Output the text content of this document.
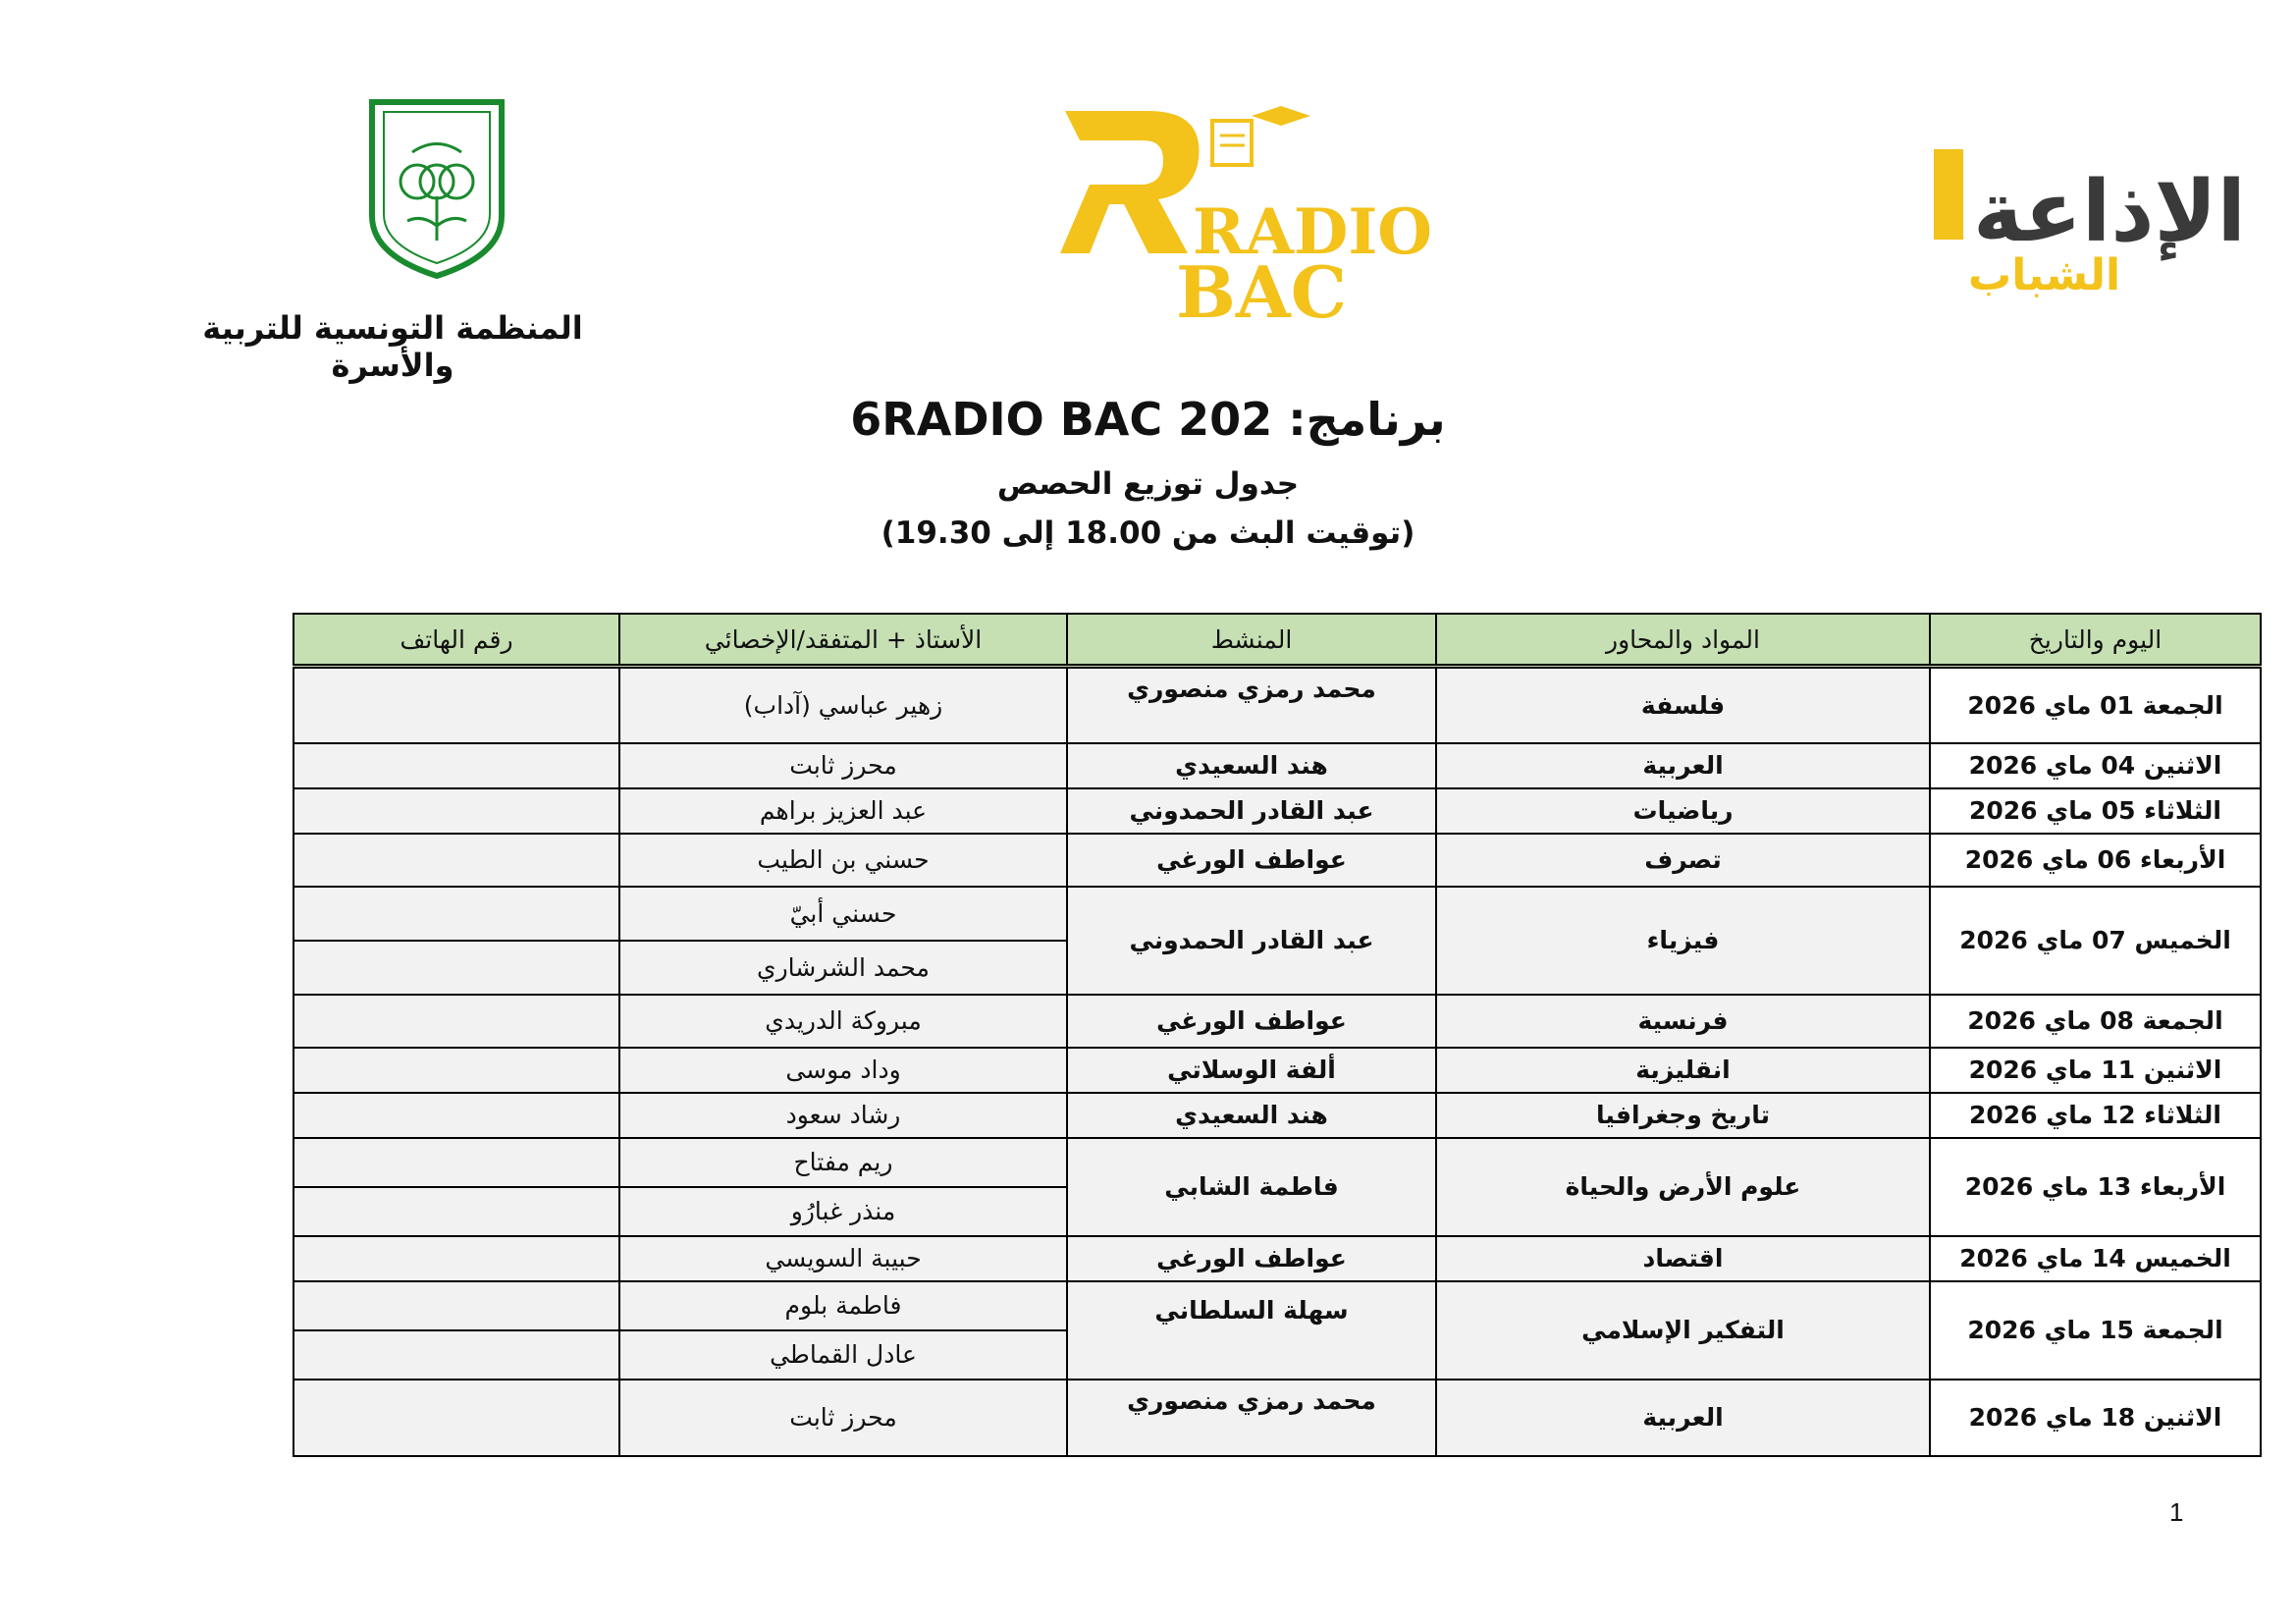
RADIO
BAC
الإذاعة
الشباب
المنظمة التونسية للتربية والأسرة
برنامج: 6RADIO BAC 202
جدول توزيع الحصص
(توقيت البث من 18.00 إلى 19.30)
اليوم والتاريخ	المواد والمحاور	المنشط	الأستاذ + المتفقد/الإخصائي	رقم الهاتف
الجمعة 01 ماي 2026	فلسفة	محمد رمزي منصوري	زهير عباسي (آداب)	
الاثنين 04 ماي 2026	العربية	هند السعيدي	محرز ثابت	
الثلاثاء 05 ماي 2026	رياضيات	عبد القادر الحمدوني	عبد العزيز براهم	
الأربعاء 06 ماي 2026	تصرف	عواطف الورغي	حسني بن الطيب	
الخميس 07 ماي 2026	فيزياء	عبد القادر الحمدوني	حسني أبيّ	
			محمد الشرشاري	
الجمعة 08 ماي 2026	فرنسية	عواطف الورغي	مبروكة الدريدي	
الاثنين 11 ماي 2026	انقليزية	ألفة الوسلاتي	وداد موسى	
الثلاثاء 12 ماي 2026	تاريخ وجغرافيا	هند السعيدي	رشاد سعود	
الأربعاء 13 ماي 2026	علوم الأرض والحياة	فاطمة الشابي	ريم مفتاح	
			منذر غبارُو	
الخميس 14 ماي 2026	اقتصاد	عواطف الورغي	حبيبة السويسي	
الجمعة 15 ماي 2026	التفكير الإسلامي	سهلة السلطاني	فاطمة بلوم	
			عادل القماطي	
الاثنين 18 ماي 2026	العربية	محمد رمزي منصوري	محرز ثابت	
1
